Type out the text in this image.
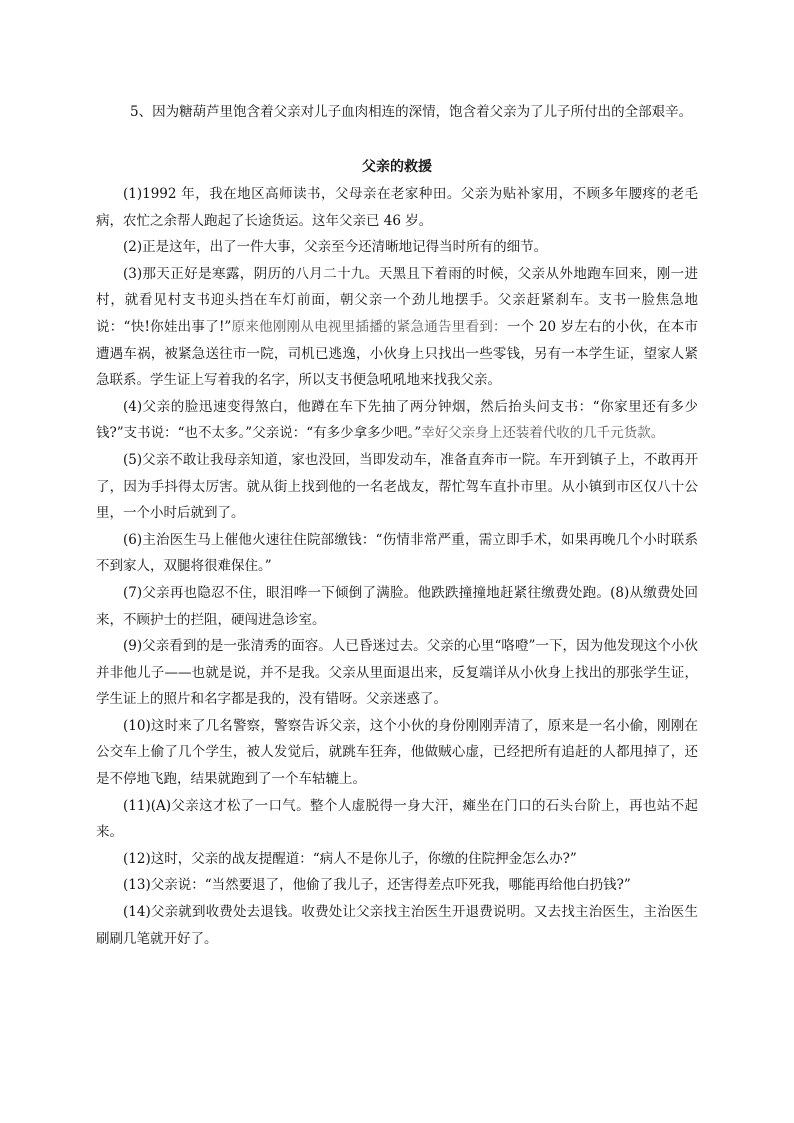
5、因为糖葫芦里饱含着父亲对儿子血肉相连的深情，饱含着父亲为了儿子所付出的全部艰辛。
父亲的救援

(1)1992 年，我在地区高师读书，父母亲在老家种田。父亲为贴补家用，不顾多年腰疼的老毛病，农忙之余帮人跑起了长途货运。这年父亲已 46 岁。

(2)正是这年，出了一件大事，父亲至今还清晰地记得当时所有的细节。

(3)那天正好是寒露，阴历的八月二十九。天黑且下着雨的时候，父亲从外地跑车回来，刚一进村，就看见村支书迎头挡在车灯前面，朝父亲一个劲儿地摆手。父亲赶紧刹车。支书一脸焦急地说：“快!你娃出事了!”原来他刚刚从电视里插播的紧急通告里看到：一个 20 岁左右的小伙，在本市遭遇车祸，被紧急送往市一院，司机已逃逸，小伙身上只找出一些零钱，另有一本学生证，望家人紧急联系。学生证上写着我的名字，所以支书便急吼吼地来找我父亲。

(4)父亲的脸迅速变得煞白，他蹲在车下先抽了两分钟烟，然后抬头问支书：“你家里还有多少钱?”支书说：“也不太多。”父亲说：“有多少拿多少吧。”幸好父亲身上还装着代收的几千元货款。

(5)父亲不敢让我母亲知道，家也没回，当即发动车，准备直奔市一院。车开到镇子上，不敢再开了，因为手抖得太厉害。就从街上找到他的一名老战友，帮忙驾车直扑市里。从小镇到市区仅八十公里，一个小时后就到了。

(6)主治医生马上催他火速往住院部缴钱：“伤情非常严重，需立即手术，如果再晚几个小时联系不到家人，双腿将很难保住。”

(7)父亲再也隐忍不住，眼泪哗一下倾倒了满脸。他跌跌撞撞地赶紧往缴费处跑。(8)从缴费处回来，不顾护士的拦阻，硬闯进急诊室。

(9)父亲看到的是一张清秀的面容。人已昏迷过去。父亲的心里“咯噔”一下，因为他发现这个小伙并非他儿子——也就是说，并不是我。父亲从里面退出来，反复端详从小伙身上找出的那张学生证，学生证上的照片和名字都是我的，没有错呀。父亲迷惑了。

(10)这时来了几名警察，警察告诉父亲，这个小伙的身份刚刚弄清了，原来是一名小偷，刚刚在公交车上偷了几个学生，被人发觉后，就跳车狂奔，他做贼心虚，已经把所有追赶的人都甩掉了，还是不停地飞跑，结果就跑到了一个车轱辘上。

(11)(A)父亲这才松了一口气。整个人虚脱得一身大汗，瘫坐在门口的石头台阶上，再也站不起来。

(12)这时，父亲的战友提醒道：“病人不是你儿子，你缴的住院押金怎么办?”

(13)父亲说：“当然要退了，他偷了我儿子，还害得差点吓死我，哪能再给他白扔钱?”

(14)父亲就到收费处去退钱。收费处让父亲找主治医生开退费说明。又去找主治医生，主治医生刷刷几笔就开好了。
